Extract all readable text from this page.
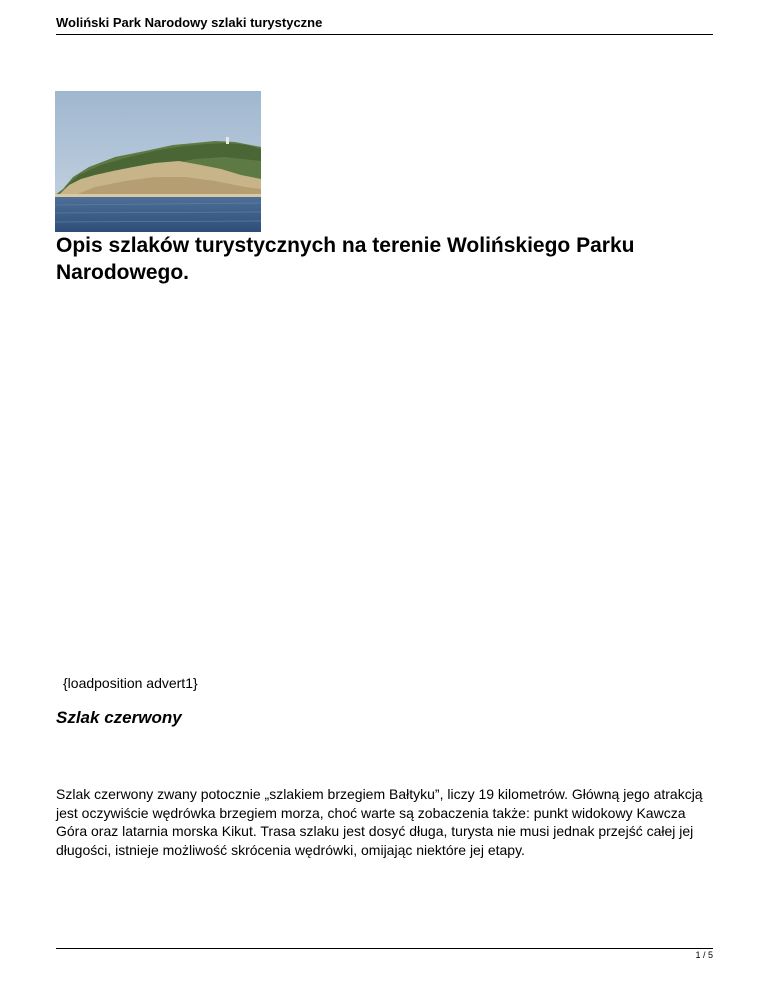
Woliński Park Narodowy szlaki turystyczne
Opis szlaków turystycznych na terenie Wolińskiego Parku Narodowego.
{loadposition advert1}
Szlak czerwony

Szlak czerwony zwany potocznie „szlakiem brzegiem Bałtyku”, liczy 19 kilometrów. Główną jego atrakcją jest oczywiście wędrówka brzegiem morza, choć warte są zobaczenia także: punkt widokowy Kawcza Góra oraz latarnia morska Kikut. Trasa szlaku jest dosyć długa, turysta nie musi jednak przejść całej jej długości, istnieje możliwość skrócenia wędrówki, omijając niektóre jej etapy.

1 / 5
